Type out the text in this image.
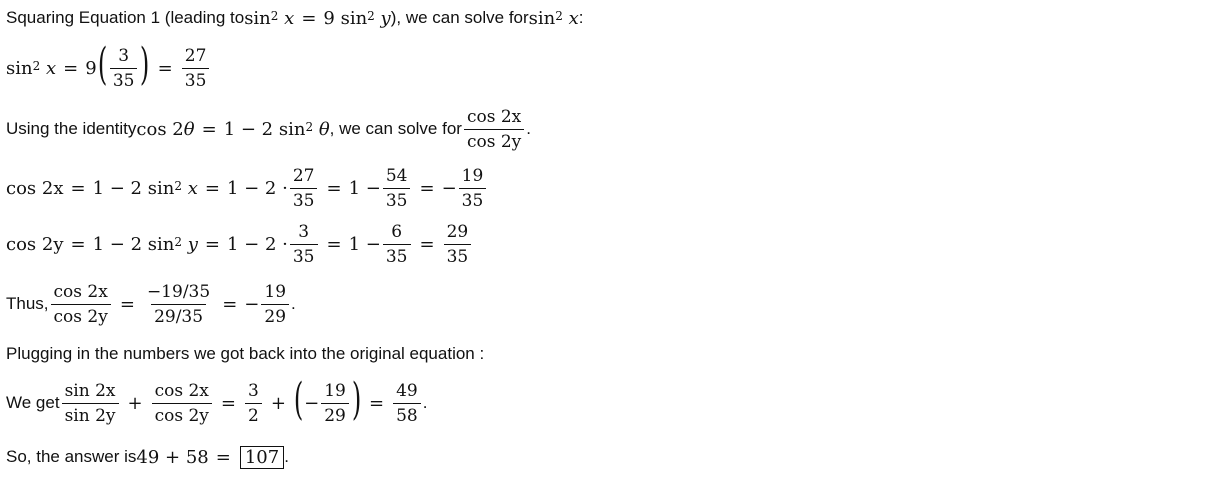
Squaring Equation 1 (leading to sin 2
x = 9 sin 2
y ), we can solve for sin 2
x :
sin 2
x = 9 ( $\frac{3}{35}$ ) = $\frac{27}{35}$
Using the identity cos 2 θ = 1 − 2 sin 2
θ , we can solve for $\frac{\cos 2x}{\cos 2y}$ .
cos 2x = 1 − 2 sin 2
$x = 1 - 2 \cdot \frac{27}{35} = 1 - \frac{54}{35}$ = − $\frac{19}{35}$
cos 2y = 1 − 2 sin 2
$y = 1 - 2 \cdot \frac{3}{35} = 1 - \frac{6}{35} = \frac{29}{35}$
Thus, $\frac{\cos 2x}{\cos 2y} = \frac{-19/35}{29/35}$ = − $\frac{19}{29}$ .
Plugging in the numbers we got back into the original equation :
We get $\frac{\sin 2x}{\sin 2y} + \frac{\cos 2x}{\cos 2y} = \frac{3}{2}$ + ( − $\frac{19}{29}$ ) = $\frac{49}{58}$ .
So, the answer is 49 + 58 = 107 .
